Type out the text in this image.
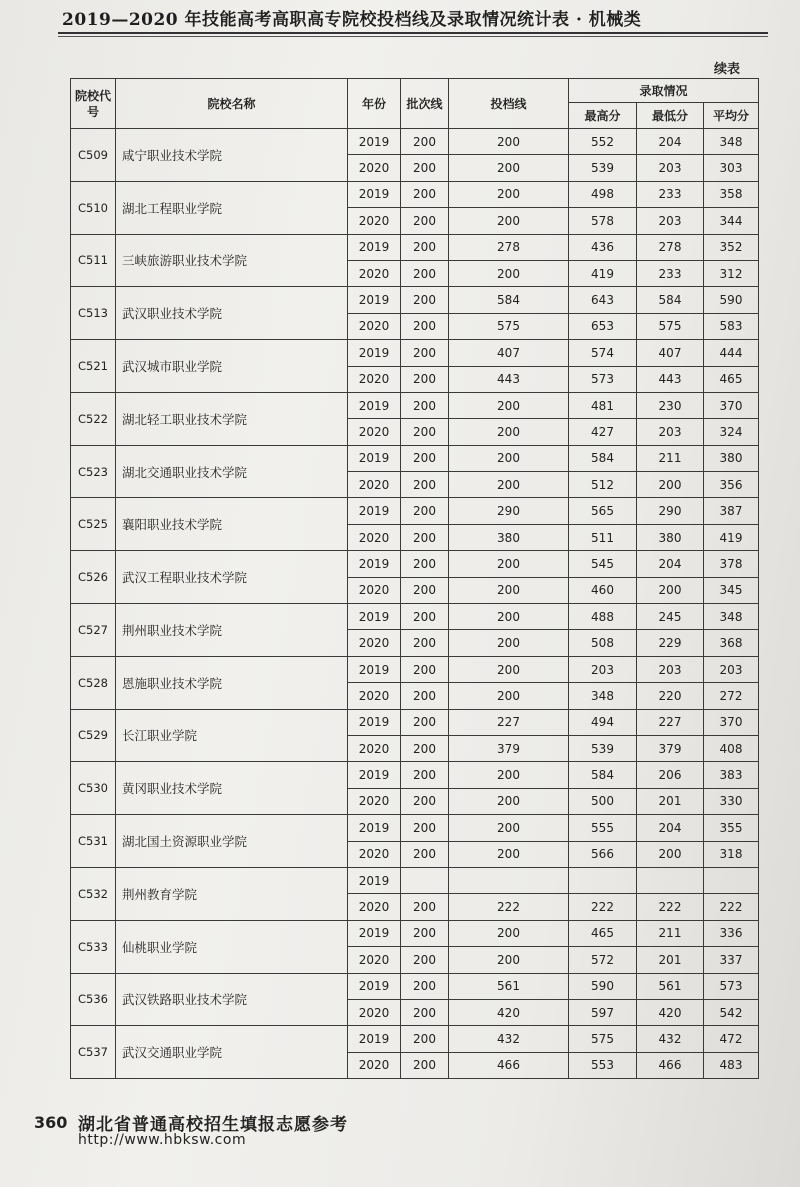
2019—2020 年技能高考高职高专院校投档线及录取情况统计表 · 机械类
续表
院校代号	院校名称	年份	批次线	投档线	录取情况		
					最高分	最低分	平均分
C509	咸宁职业技术学院	2019	200	200	552	204	348
		2020	200	200	539	203	303
C510	湖北工程职业学院	2019	200	200	498	233	358
		2020	200	200	578	203	344
C511	三峡旅游职业技术学院	2019	200	278	436	278	352
		2020	200	200	419	233	312
C513	武汉职业技术学院	2019	200	584	643	584	590
		2020	200	575	653	575	583
C521	武汉城市职业学院	2019	200	407	574	407	444
		2020	200	443	573	443	465
C522	湖北轻工职业技术学院	2019	200	200	481	230	370
		2020	200	200	427	203	324
C523	湖北交通职业技术学院	2019	200	200	584	211	380
		2020	200	200	512	200	356
C525	襄阳职业技术学院	2019	200	290	565	290	387
		2020	200	380	511	380	419
C526	武汉工程职业技术学院	2019	200	200	545	204	378
		2020	200	200	460	200	345
C527	荆州职业技术学院	2019	200	200	488	245	348
		2020	200	200	508	229	368
C528	恩施职业技术学院	2019	200	200	203	203	203
		2020	200	200	348	220	272
C529	长江职业学院	2019	200	227	494	227	370
		2020	200	379	539	379	408
C530	黄冈职业技术学院	2019	200	200	584	206	383
		2020	200	200	500	201	330
C531	湖北国土资源职业学院	2019	200	200	555	204	355
		2020	200	200	566	200	318
C532	荆州教育学院	2019					
		2020	200	222	222	222	222
C533	仙桃职业学院	2019	200	200	465	211	336
		2020	200	200	572	201	337
C536	武汉铁路职业技术学院	2019	200	561	590	561	573
		2020	200	420	597	420	542
C537	武汉交通职业学院	2019	200	432	575	432	472
		2020	200	466	553	466	483
360 湖北省普通高校招生填报志愿参考
http://www.hbksw.com
